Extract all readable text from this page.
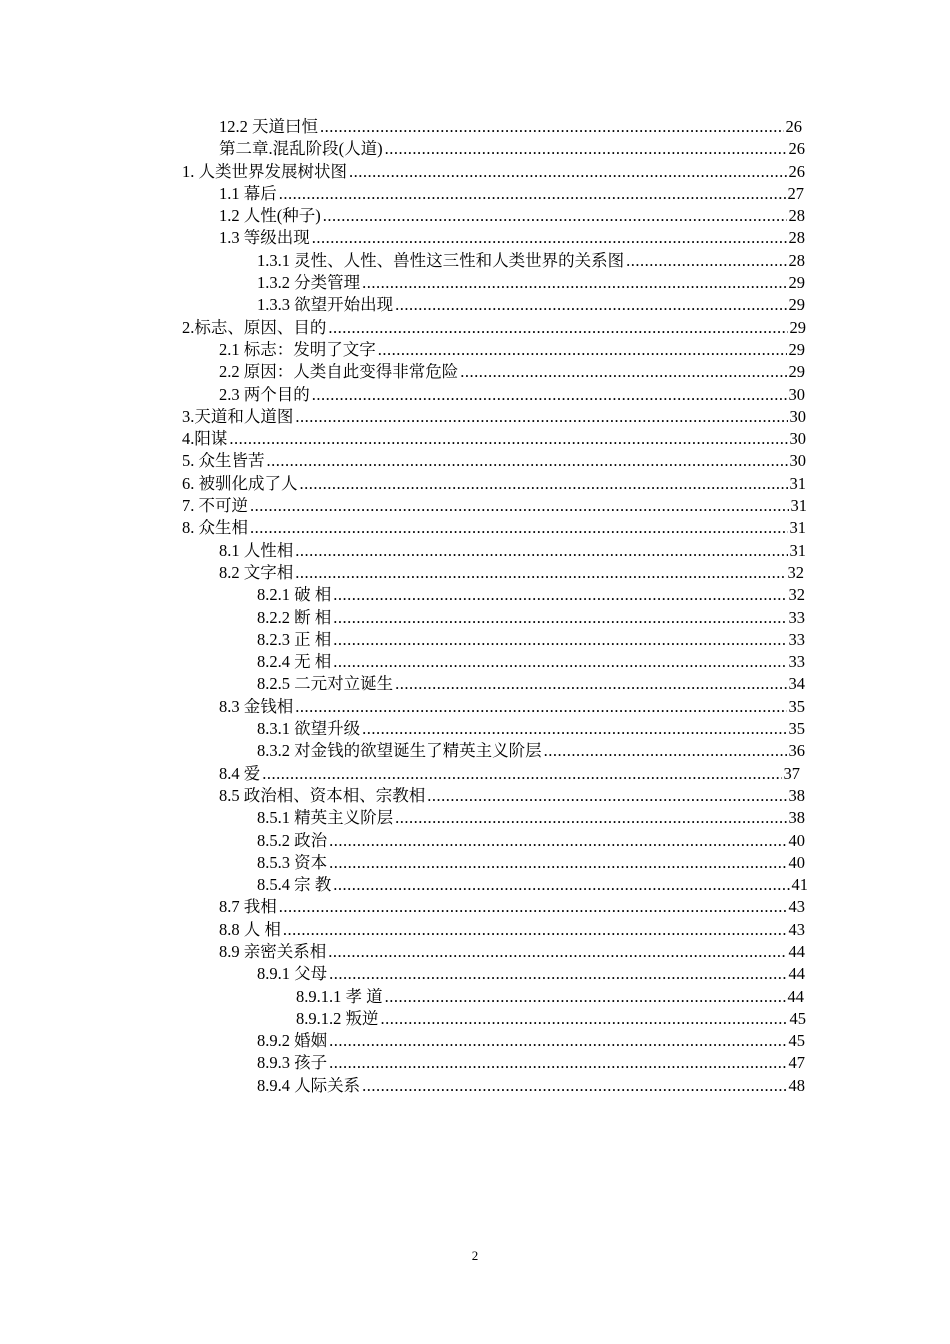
12.2 天道曰恒 .....	26
第二章.混乱阶段(人道) .....	26
1. 人类世界发展树状图 .....	26
1.1 幕后 .....	27
1.2 人性(种子) .....	28
1.3 等级出现 .....	28
1.3.1 灵性、人性、兽性这三性和人类世界的关系图 .....	28
1.3.2 分类管理 .....	29
1.3.3 欲望开始出现 .....	29
2.标志、原因、目的 .....	29
2.1 标志：发明了文字 .....	29
2.2 原因：人类自此变得非常危险 .....	29
2.3 两个目的 .....	30
3.天道和人道图 .....	30
4.阳谋 .....	30
5. 众生皆苦 .....	30
6. 被驯化成了人 .....	31
7. 不可逆 .....	31
8. 众生相 .....	31
8.1 人性相 .....	31
8.2 文字相 .....	32
8.2.1 破 相 .....	32
8.2.2 断 相 .....	33
8.2.3 正 相 .....	33
8.2.4 无 相 .....	33
8.2.5 二元对立诞生 .....	34
8.3 金钱相 .....	35
8.3.1 欲望升级 .....	35
8.3.2 对金钱的欲望诞生了精英主义阶层 .....	36
8.4 爱 .....	37
8.5 政治相、资本相、宗教相 .....	38
8.5.1 精英主义阶层 .....	38
8.5.2 政治 .....	40
8.5.3 资本 .....	40
8.5.4 宗 教 .....	41
8.7 我相 .....	43
8.8 人 相 .....	43
8.9 亲密关系相 .....	44
8.9.1 父母 .....	44
8.9.1.1 孝 道 .....	44
8.9.1.2 叛逆 .....	45
8.9.2 婚姻 .....	45
8.9.3 孩子 .....	47
8.9.4 人际关系 .....	48
2
